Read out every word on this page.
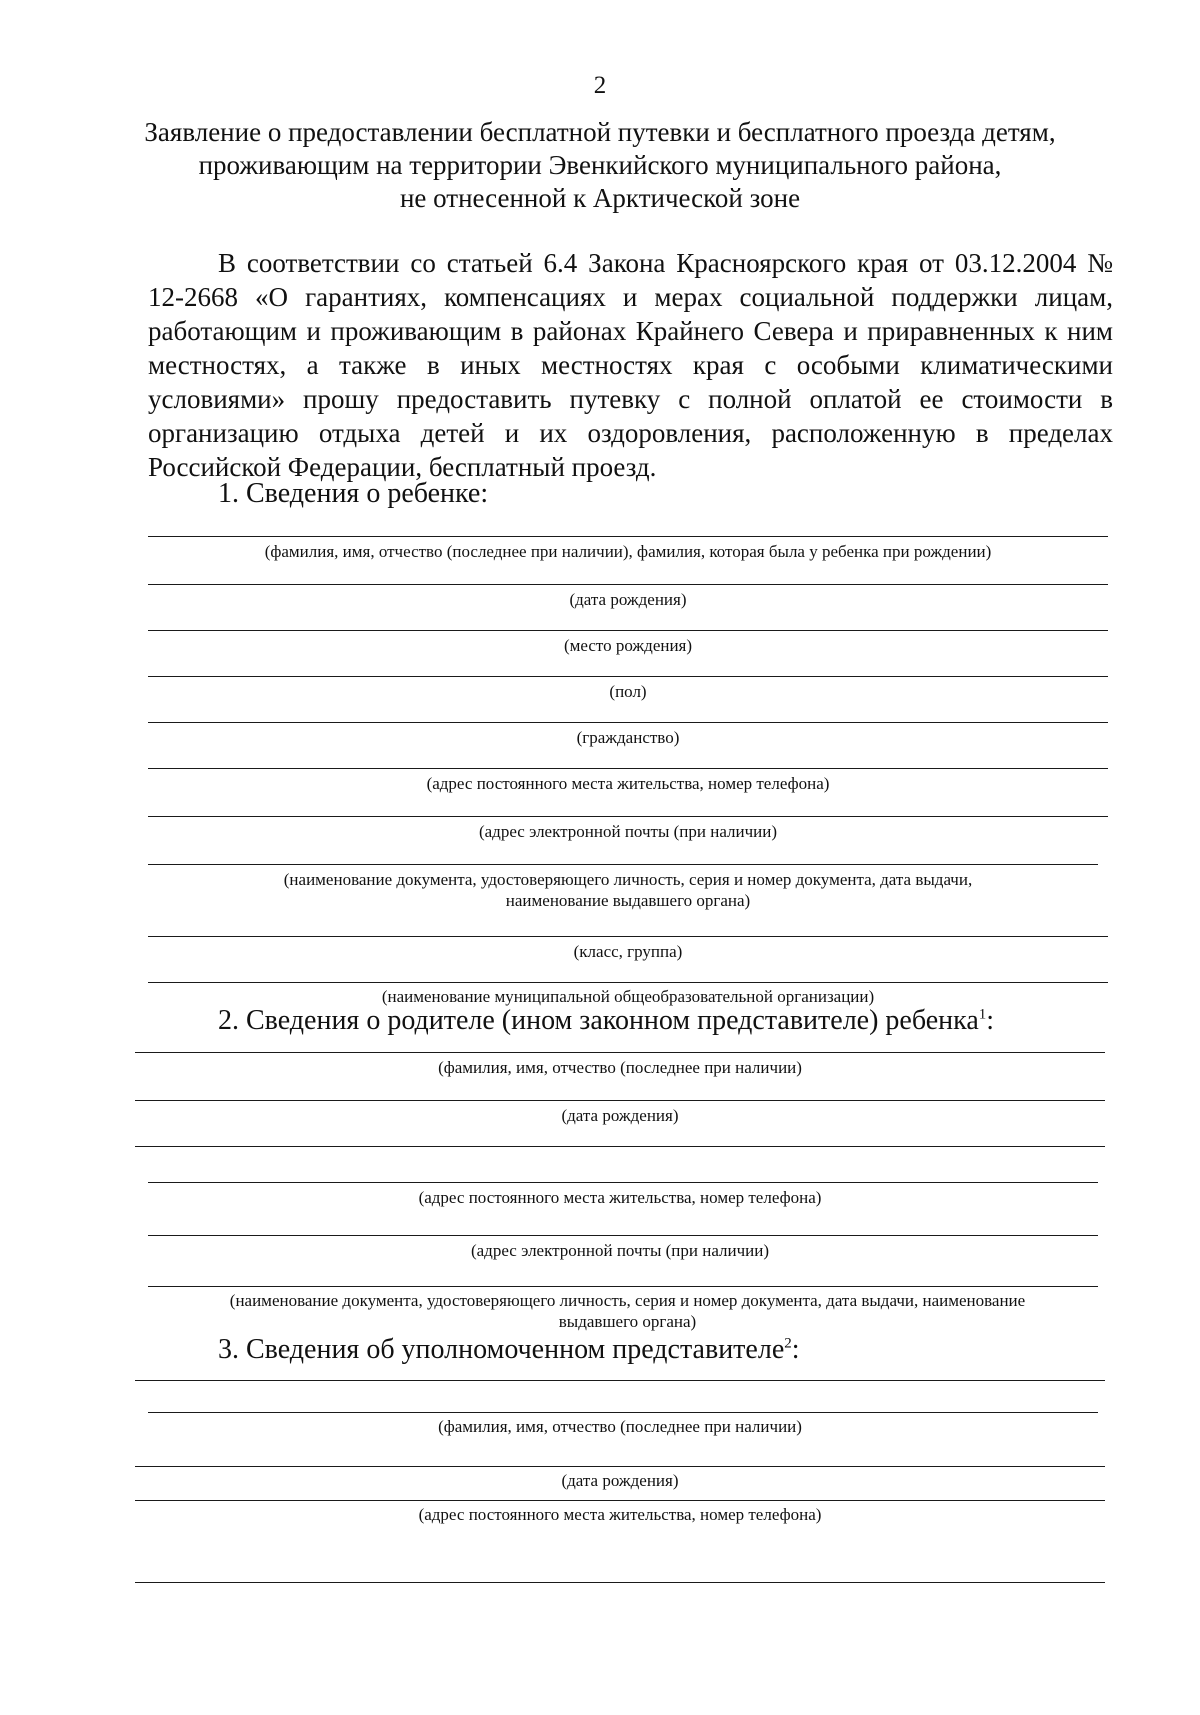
2
Заявление о предоставлении бесплатной путевки и бесплатного проезда детям,
проживающим на территории Эвенкийского муниципального района,
не отнесенной к Арктической зоне

В соответствии со статьей 6.4 Закона Красноярского края от 03.12.2004 № 12-2668 «О гарантиях, компенсациях и мерах социальной поддержки лицам, работающим и проживающим в районах Крайнего Севера и приравненных к ним местностях, а также в иных местностях края с особыми климатическими условиями» прошу предоставить путевку с полной оплатой ее стоимости в организацию отдыха детей и их оздоровления, расположенную в пределах Российской Федерации, бесплатный проезд.

1. Сведения о ребенке:
(фамилия, имя, отчество (последнее при наличии), фамилия, которая была у ребенка при рождении)
(дата рождения)
(место рождения)
(пол)
(гражданство)
(адрес постоянного места жительства, номер телефона)
(адрес электронной почты (при наличии)
(наименование документа, удостоверяющего личность, серия и номер документа, дата выдачи,
наименование выдавшего органа)
(класс, группа)
(наименование муниципальной общеобразовательной организации)
2. Сведения о родителе (ином законном представителе) ребенка$^1$:
(фамилия, имя, отчество (последнее при наличии)
(дата рождения)
(адрес постоянного места жительства, номер телефона)
(адрес электронной почты (при наличии)
(наименование документа, удостоверяющего личность, серия и номер документа, дата выдачи, наименование
выдавшего органа)
3. Сведения об уполномоченном представителе$^2$:
(фамилия, имя, отчество (последнее при наличии)
(дата рождения)
(адрес постоянного места жительства, номер телефона)
